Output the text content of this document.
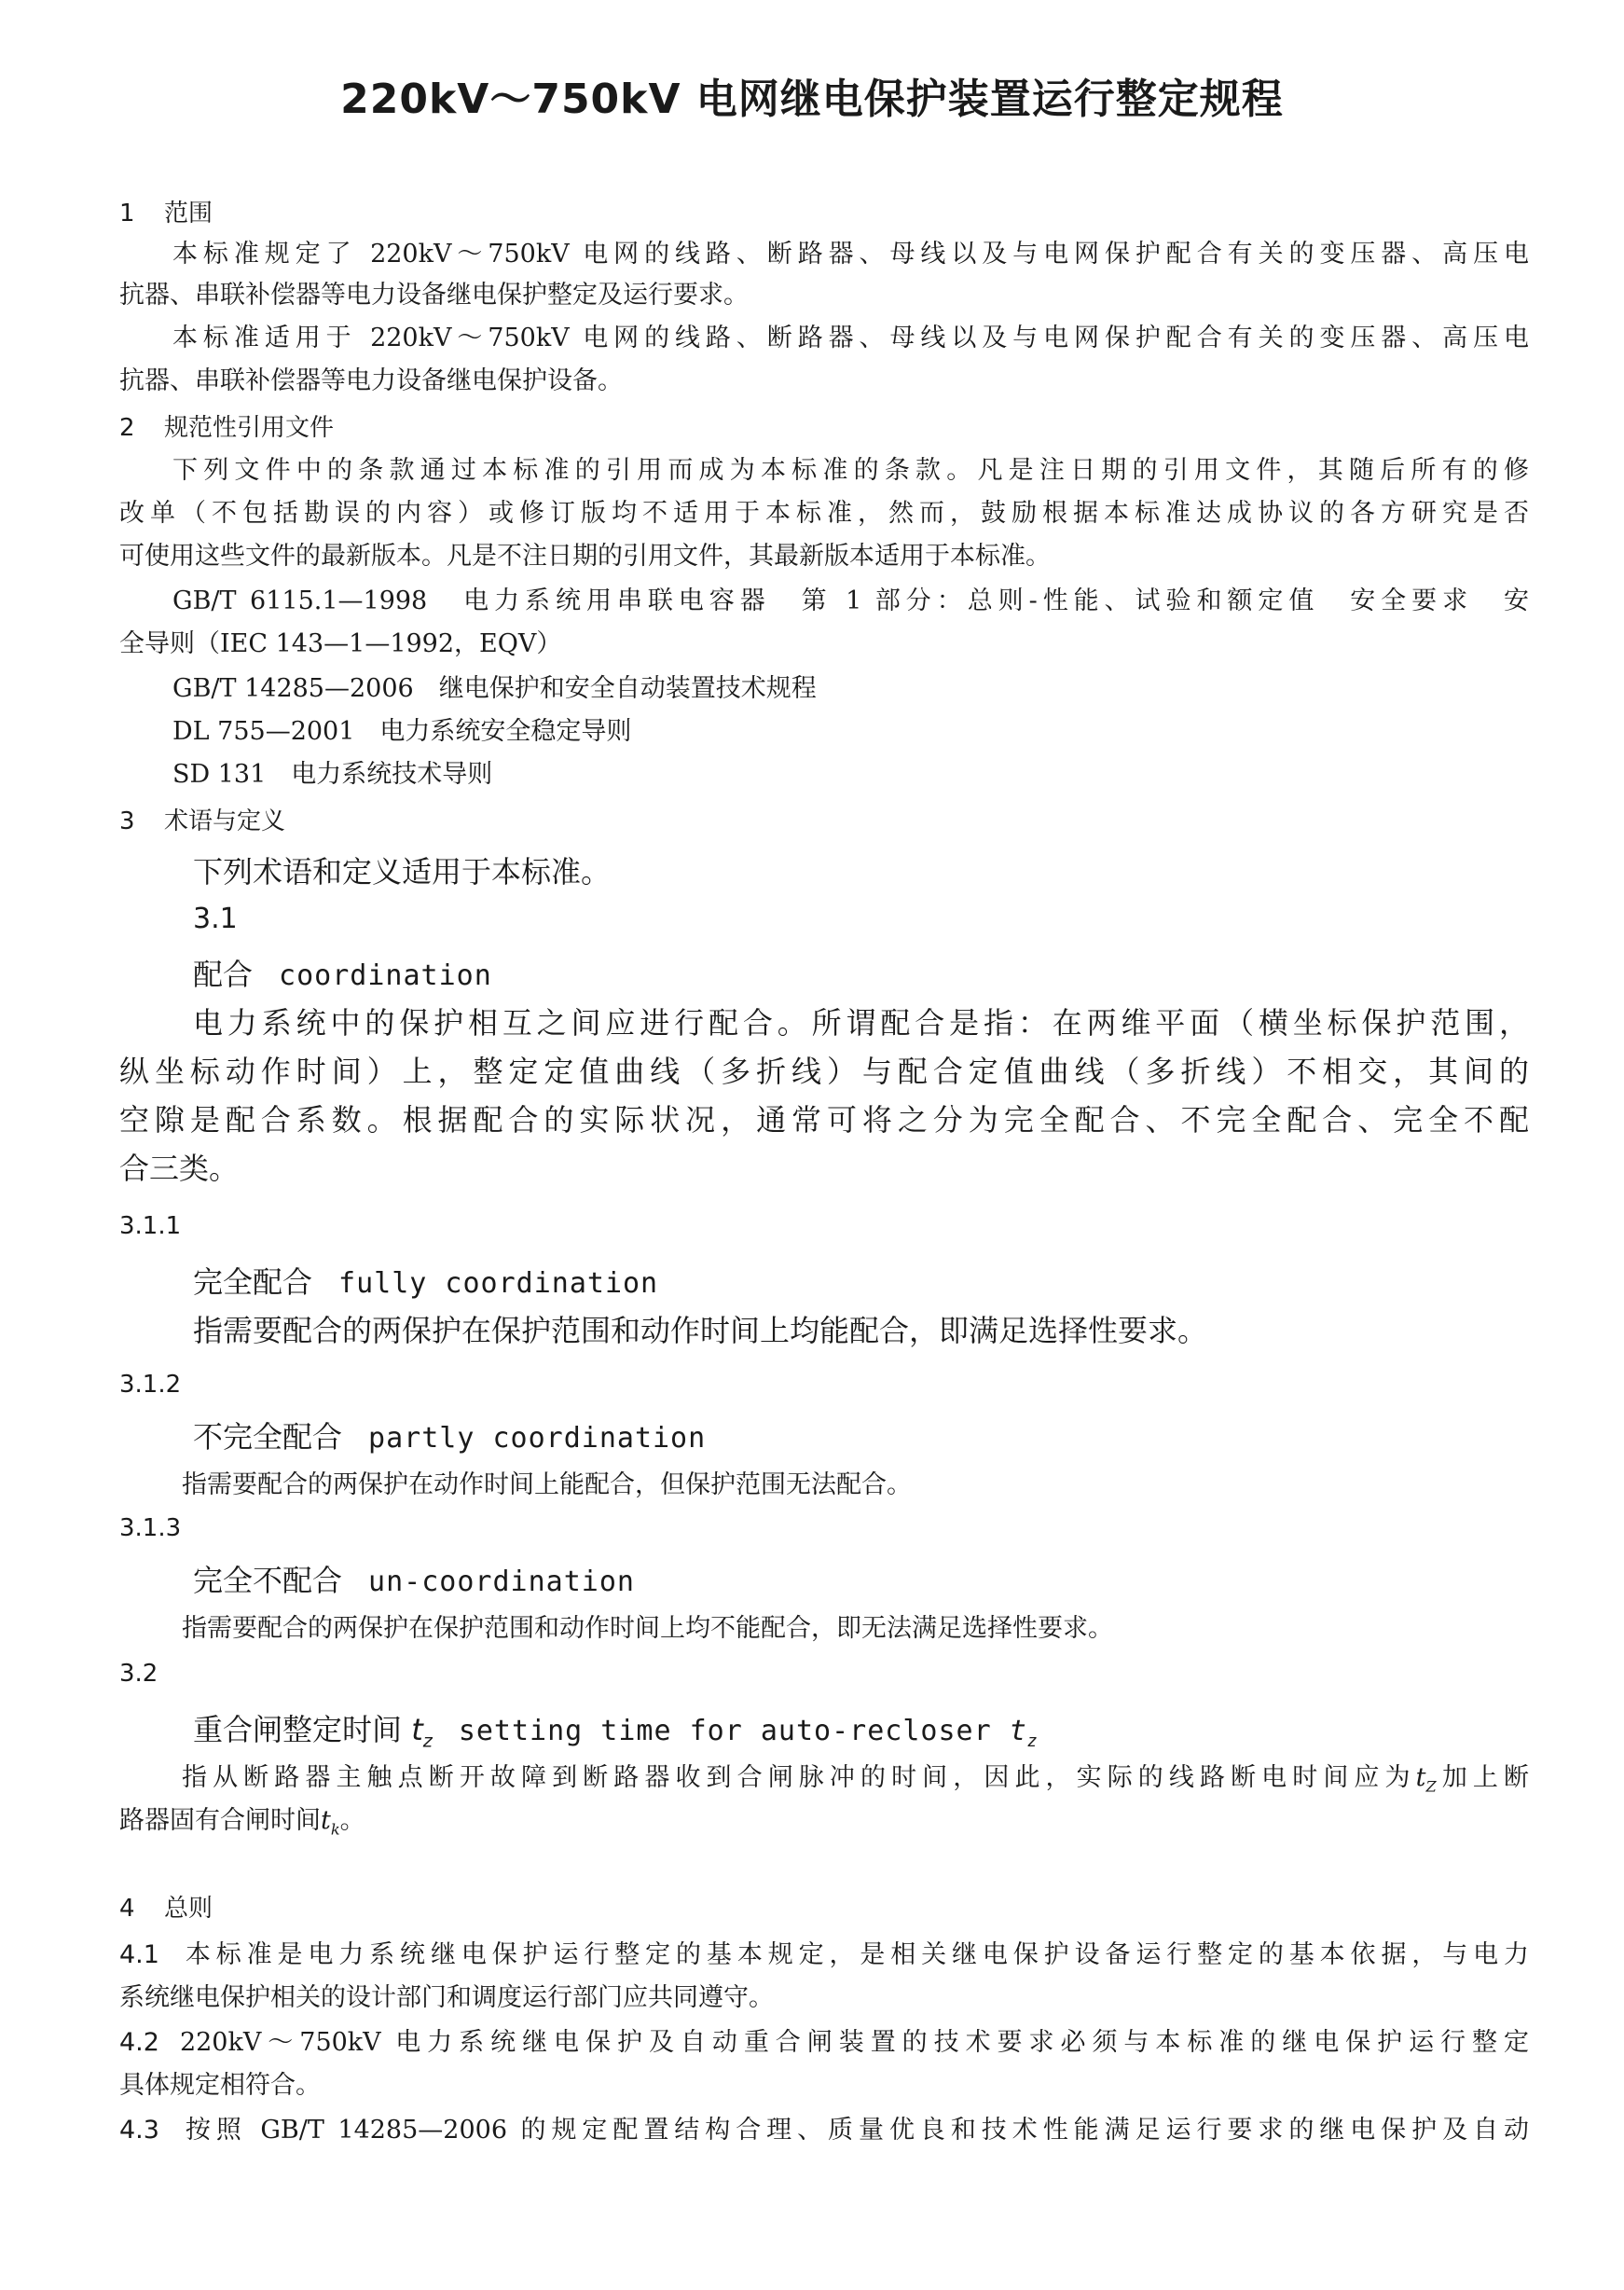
220kV～750kV 电网继电保护装置运行整定规程
1 范围
本标准规定了 220kV～750kV 电网的线路、断路器、母线以及与电网保护配合有关的变压器、高压电
抗器、串联补偿器等电力设备继电保护整定及运行要求。
本标准适用于 220kV～750kV 电网的线路、断路器、母线以及与电网保护配合有关的变压器、高压电
抗器、串联补偿器等电力设备继电保护设备。
2 规范性引用文件
下列文件中的条款通过本标准的引用而成为本标准的条款。凡是注日期的引用文件，其随后所有的修
改单（不包括勘误的内容）或修订版均不适用于本标准，然而，鼓励根据本标准达成协议的各方研究是否
可使用这些文件的最新版本。凡是不注日期的引用文件，其最新版本适用于本标准。
GB/T 6115.1—1998　电力系统用串联电容器　第 1 部分：总则-性能、试验和额定值　安全要求　安
全导则（IEC 143—1—1992，EQV）
GB/T 14285—2006　继电保护和安全自动装置技术规程
DL 755—2001　电力系统安全稳定导则
SD 131　电力系统技术导则
3 术语与定义
下列术语和定义适用于本标准。
3.1
配合 coordination
电力系统中的保护相互之间应进行配合。所谓配合是指：在两维平面（横坐标保护范围，
纵坐标动作时间）上，整定定值曲线（多折线）与配合定值曲线（多折线）不相交，其间的
空隙是配合系数。根据配合的实际状况，通常可将之分为完全配合、不完全配合、完全不配
合三类。
3.1.1
完全配合 fully coordination
指需要配合的两保护在保护范围和动作时间上均能配合，即满足选择性要求。
3.1.2
不完全配合 partly coordination
指需要配合的两保护在动作时间上能配合，但保护范围无法配合。
3.1.3
完全不配合 un-coordination
指需要配合的两保护在保护范围和动作时间上均不能配合，即无法满足选择性要求。
3.2
重合闸整定时间 $t_z$ setting time for auto-recloser $t_z$
指从断路器主触点断开故障到断路器收到合闸脉冲的时间，因此，实际的线路断电时间应为$t_Z$加上断
路器固有合闸时间$t_k$。
4 总则
4.1 本标准是电力系统继电保护运行整定的基本规定，是相关继电保护设备运行整定的基本依据，与电力
系统继电保护相关的设计部门和调度运行部门应共同遵守。
4.2 220kV～750kV 电力系统继电保护及自动重合闸装置的技术要求必须与本标准的继电保护运行整定
具体规定相符合。
4.3 按照 GB/T 14285—2006 的规定配置结构合理、质量优良和技术性能满足运行要求的继电保护及自动
